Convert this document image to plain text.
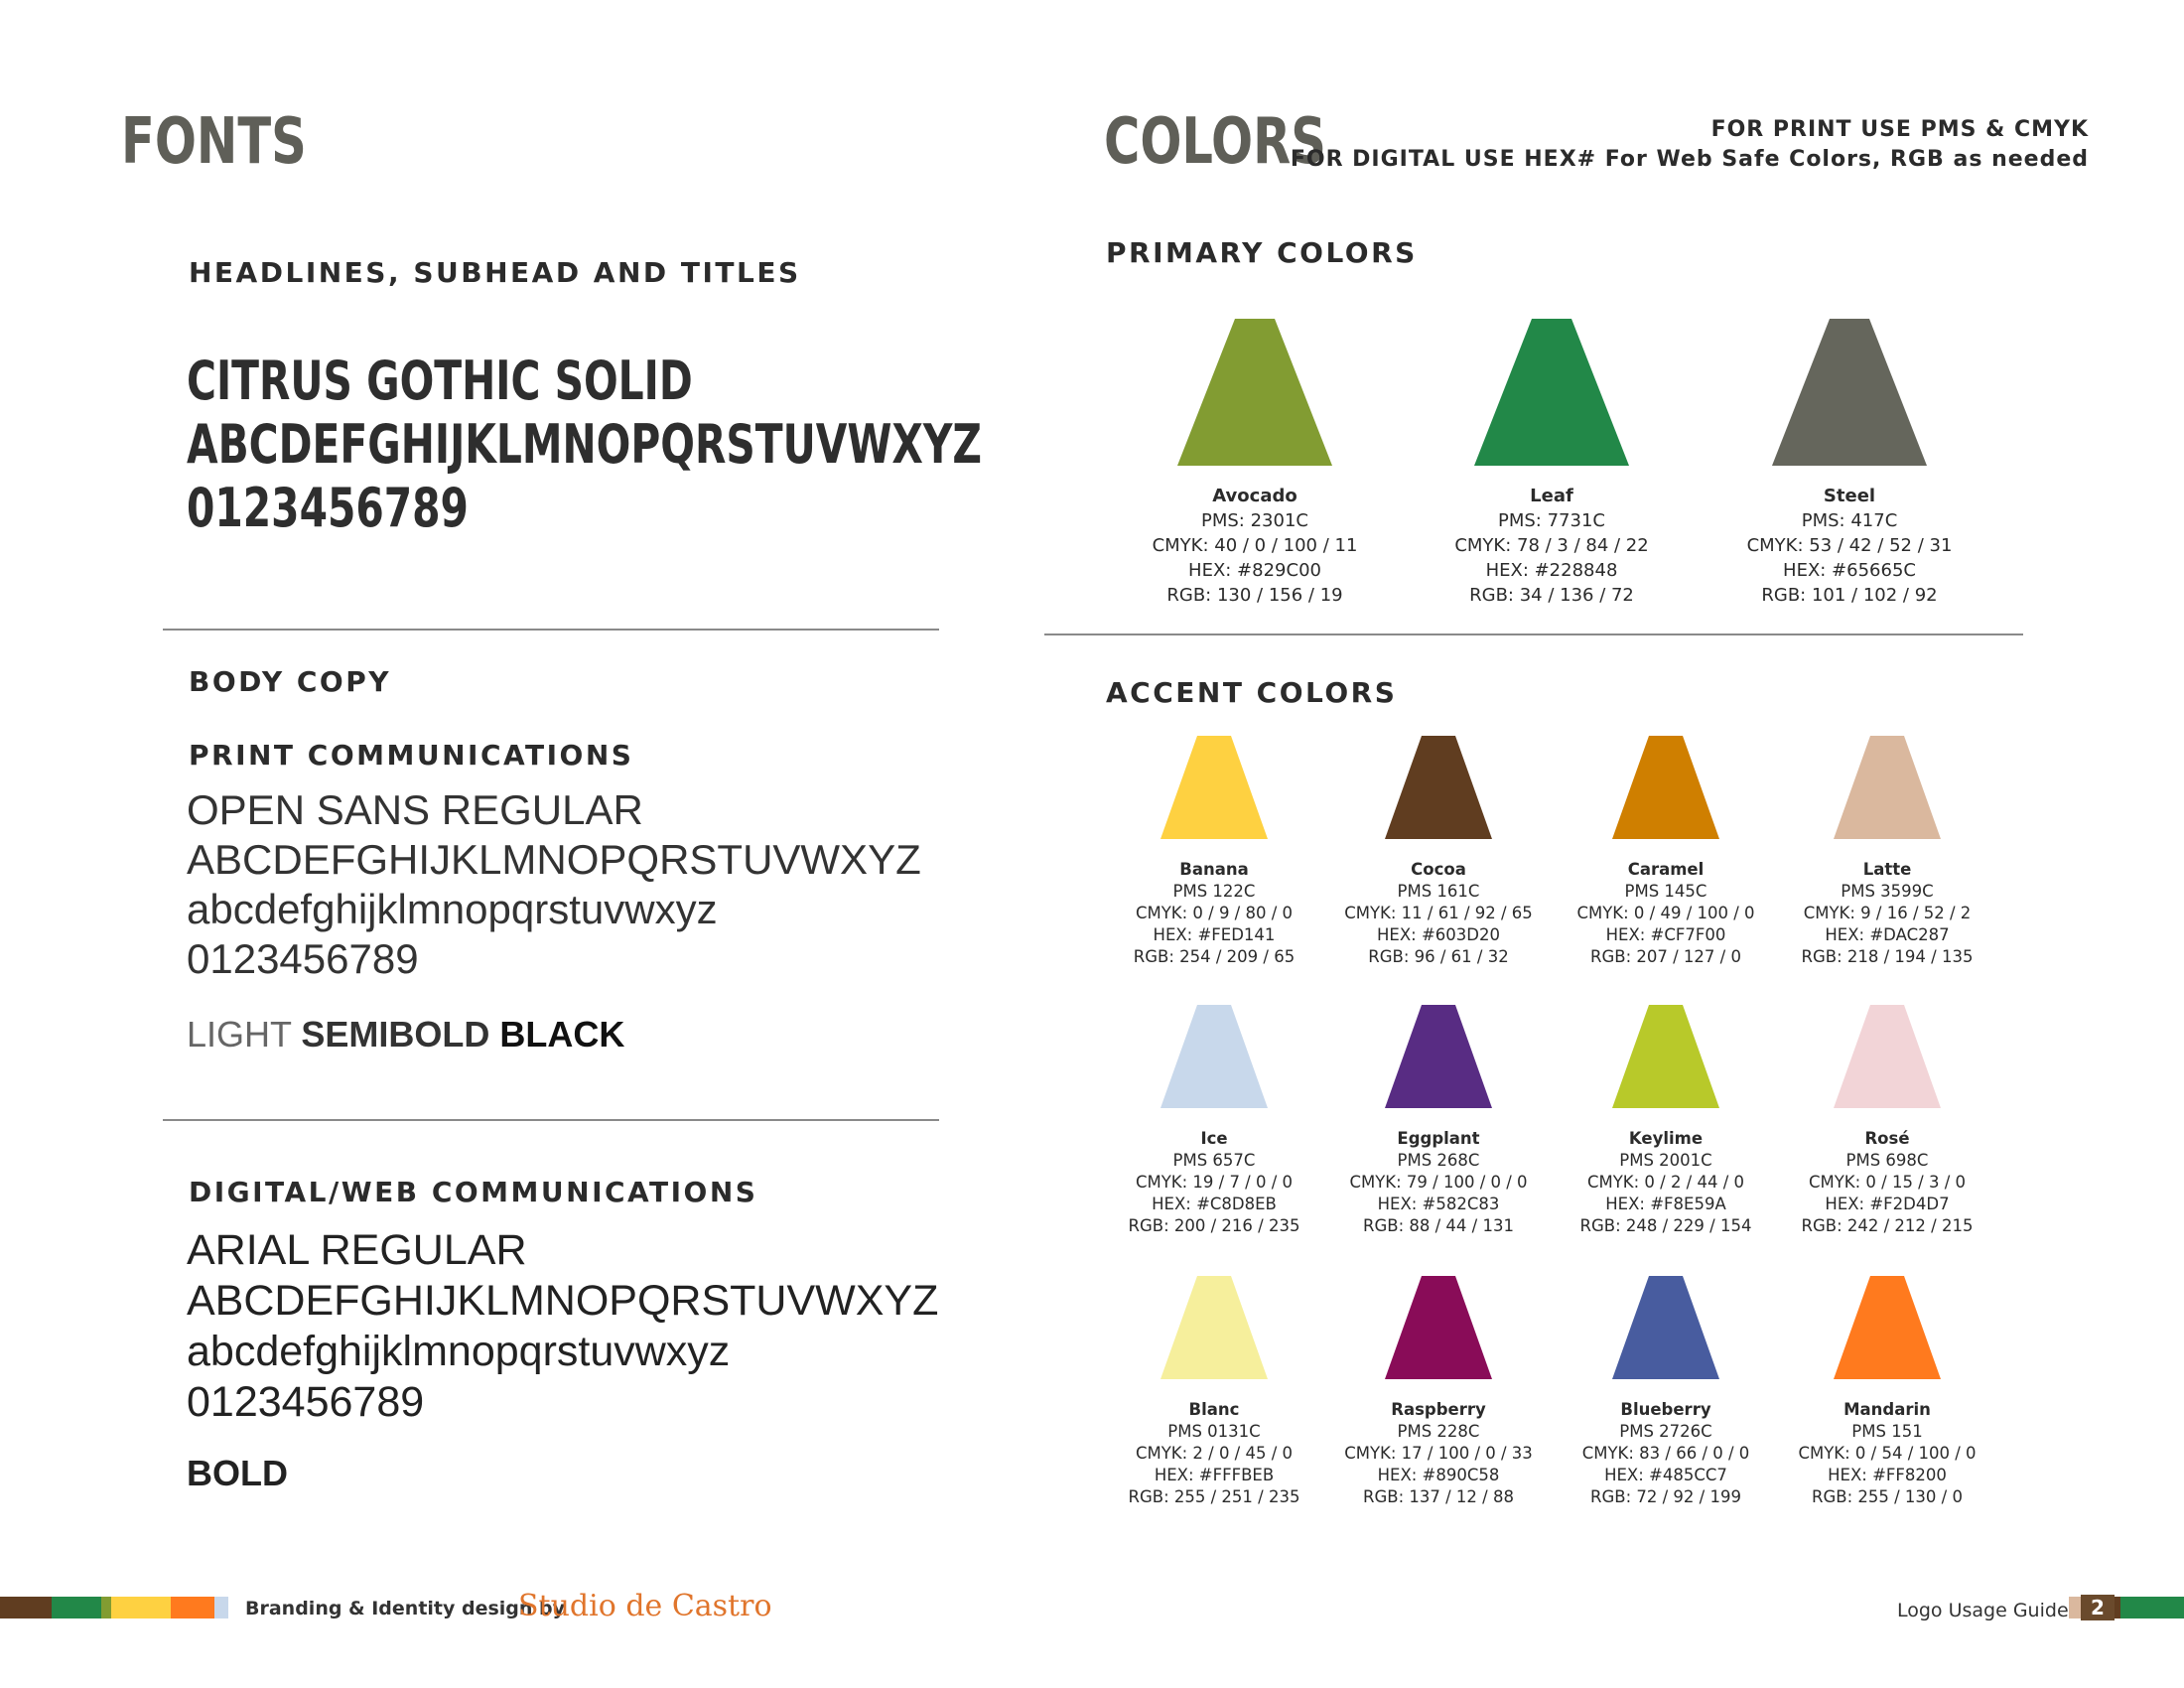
FONTS
HEADLINES, SUBHEAD AND TITLES
CITRUS GOTHIC SOLID
ABCDEFGHIJKLMNOPQRSTUVWXYZ
0123456789
BODY COPY
PRINT COMMUNICATIONS
OPEN SANS REGULAR
ABCDEFGHIJKLMNOPQRSTUVWXYZ
abcdefghijklmnopqrstuvwxyz
0123456789
LIGHT SEMIBOLD BLACK
DIGITAL/WEB COMMUNICATIONS
ARIAL REGULAR
ABCDEFGHIJKLMNOPQRSTUVWXYZ
abcdefghijklmnopqrstuvwxyz
0123456789
BOLD
COLORS	FOR PRINT USE PMS & CMYK
FOR DIGITAL USE HEX# For Web Safe Colors, RGB as needed
PRIMARY COLORS
Avocado
PMS: 2301C
CMYK: 40 / 0 / 100 / 11
HEX: #829C00
RGB: 130 / 156 / 19
Leaf
PMS: 7731C
CMYK: 78 / 3 / 84 / 22
HEX: #228848
RGB: 34 / 136 / 72
Steel
PMS: 417C
CMYK: 53 / 42 / 52 / 31
HEX: #65665C
RGB: 101 / 102 / 92
ACCENT COLORS
Banana
PMS 122C
CMYK: 0 / 9 / 80 / 0
HEX: #FED141
RGB: 254 / 209 / 65
Cocoa
PMS 161C
CMYK: 11 / 61 / 92 / 65
HEX: #603D20
RGB: 96 / 61 / 32
Caramel
PMS 145C
CMYK: 0 / 49 / 100 / 0
HEX: #CF7F00
RGB: 207 / 127 / 0
Latte
PMS 3599C
CMYK: 9 / 16 / 52 / 2
HEX: #DAC287
RGB: 218 / 194 / 135
Ice
PMS 657C
CMYK: 19 / 7 / 0 / 0
HEX: #C8D8EB
RGB: 200 / 216 / 235
Eggplant
PMS 268C
CMYK: 79 / 100 / 0 / 0
HEX: #582C83
RGB: 88 / 44 / 131
Keylime
PMS 2001C
CMYK: 0 / 2 / 44 / 0
HEX: #F8E59A
RGB: 248 / 229 / 154
Rosé
PMS 698C
CMYK: 0 / 15 / 3 / 0
HEX: #F2D4D7
RGB: 242 / 212 / 215
Blanc
PMS 0131C
CMYK: 2 / 0 / 45 / 0
HEX: #FFFBEB
RGB: 255 / 251 / 235
Raspberry
PMS 228C
CMYK: 17 / 100 / 0 / 33
HEX: #890C58
RGB: 137 / 12 / 88
Blueberry
PMS 2726C
CMYK: 83 / 66 / 0 / 0
HEX: #485CC7
RGB: 72 / 92 / 199
Mandarin
PMS 151
CMYK: 0 / 54 / 100 / 0
HEX: #FF8200
RGB: 255 / 130 / 0
Branding & Identity design by
Studio de Castro	Logo Usage Guide	2
